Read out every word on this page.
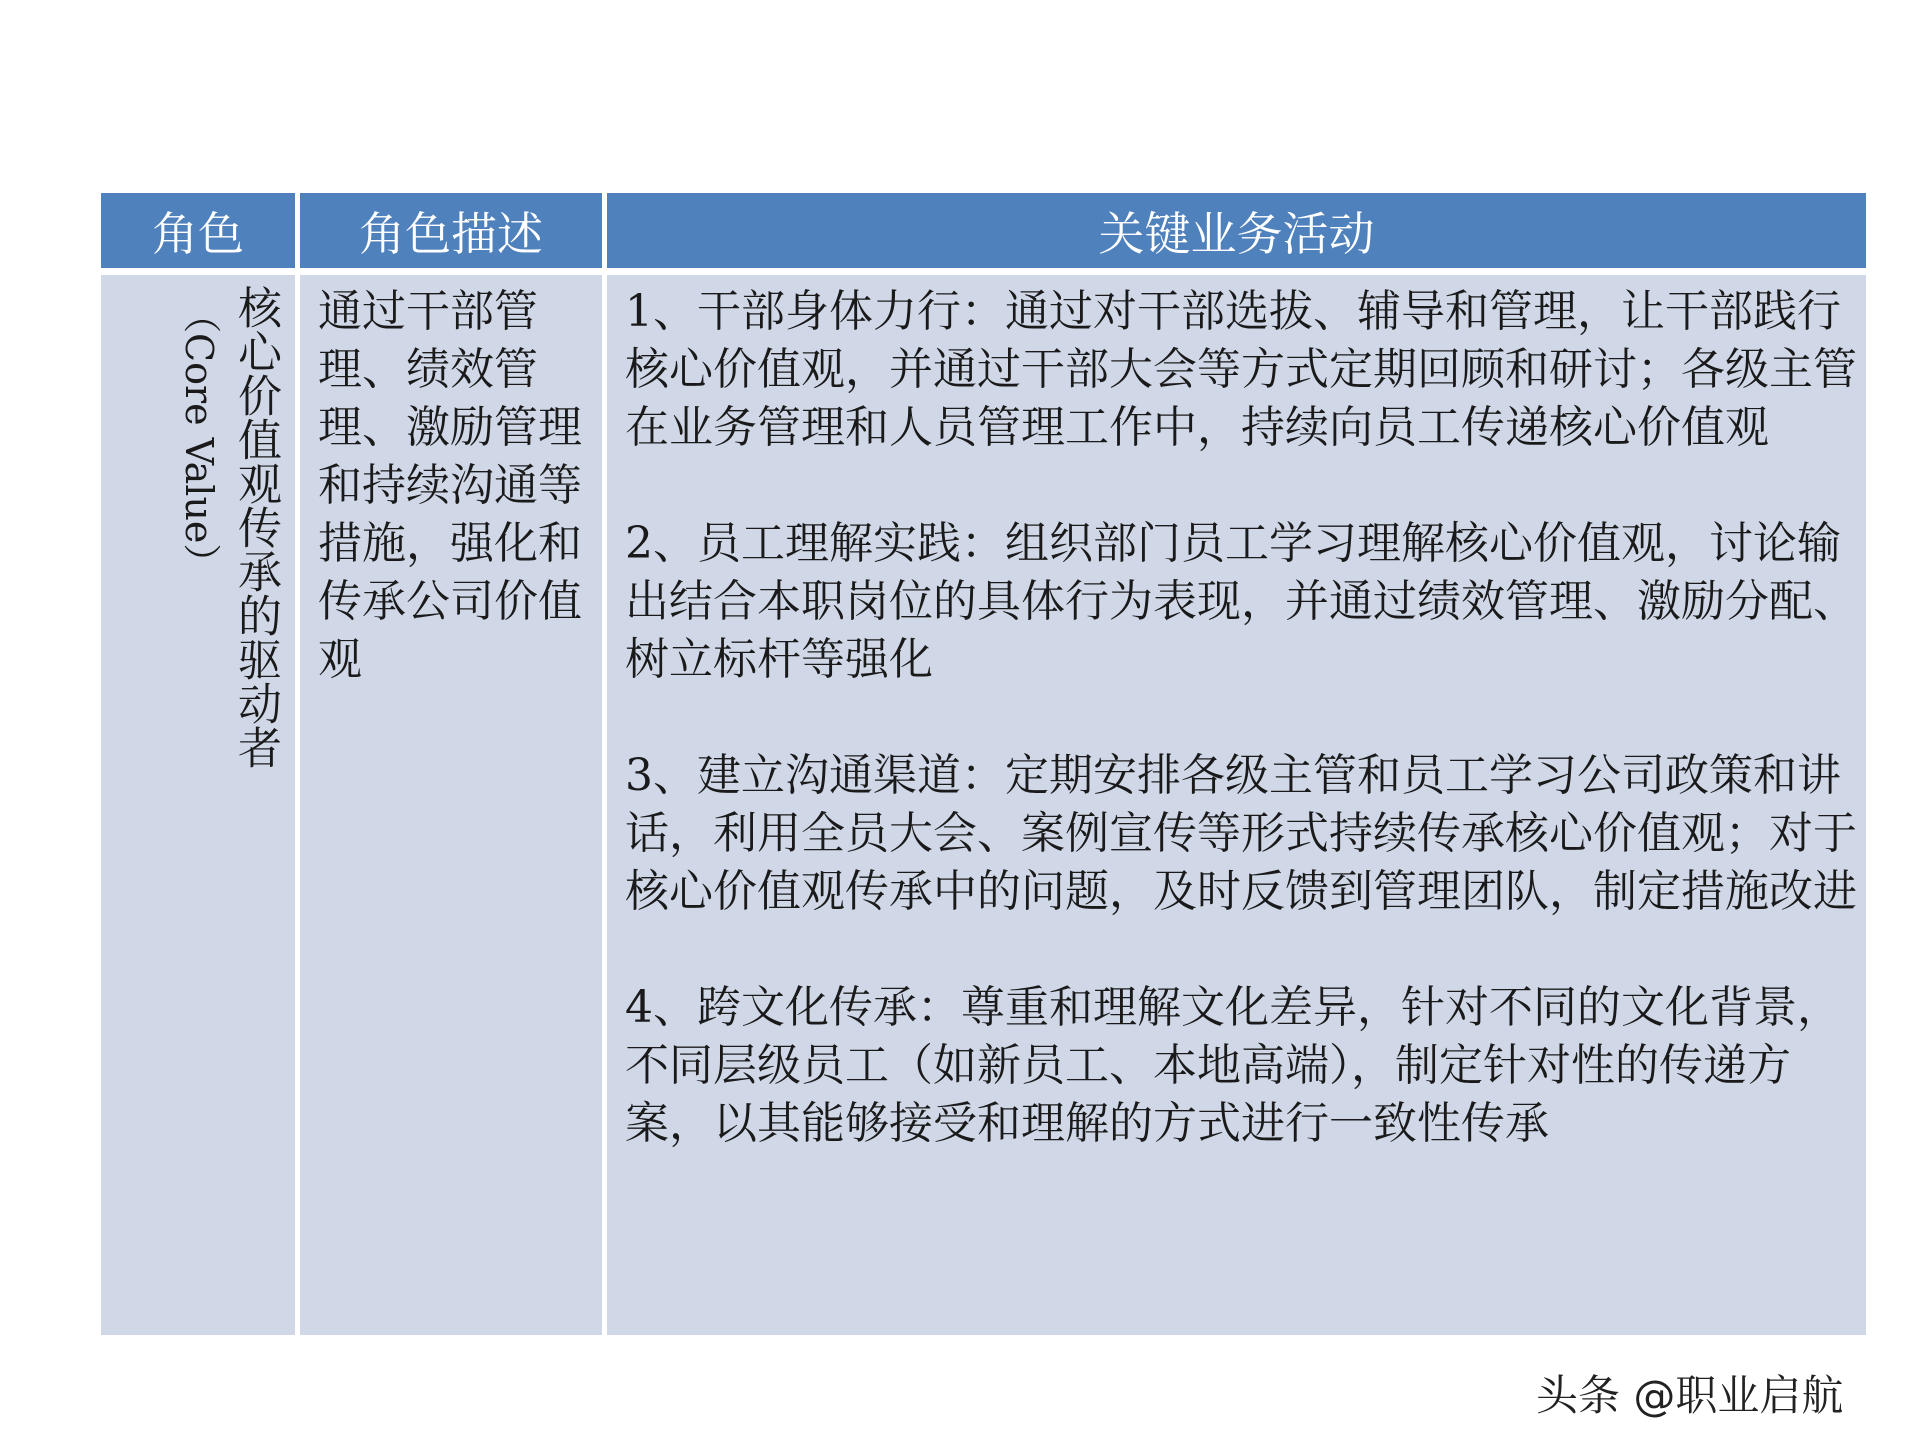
角色	角色描述	关键业务活动
核心价值观传承的驱动者
（Core Value） 通过干部管理、绩效管理、激励管理和持续沟通等措施，强化和传承公司价值观

1、干部身体力行：通过对干部选拔、辅导和管理，让干部践行核心价值观，并通过干部大会等方式定期回顾和研讨；各级主管在业务管理和人员管理工作中，持续向员工传递核心价值观

2、员工理解实践：组织部门员工学习理解核心价值观，讨论输出结合本职岗位的具体行为表现，并通过绩效管理、激励分配、树立标杆等强化

3、建立沟通渠道：定期安排各级主管和员工学习公司政策和讲话，利用全员大会、案例宣传等形式持续传承核心价值观；对于核心价值观传承中的问题，及时反馈到管理团队，制定措施改进

4、跨文化传承：尊重和理解文化差异，针对不同的文化背景，不同层级员工（如新员工、本地高端），制定针对性的传递方案，以其能够接受和理解的方式进行一致性传承

头条 @职业启航
